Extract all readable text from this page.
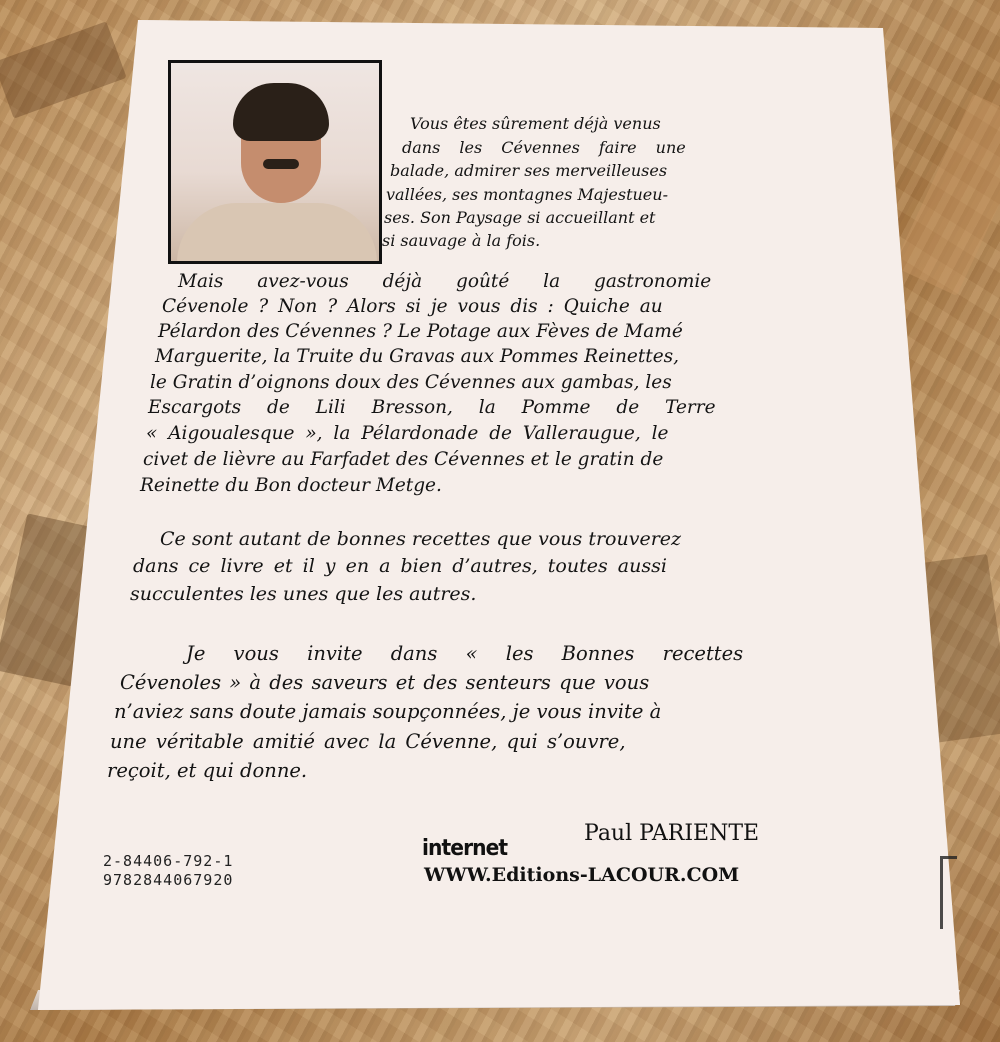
Vous êtes sûrement déjà venus
dans les Cévennes faire une
balade, admirer ses merveilleuses
vallées, ses montagnes Majestueu-
ses. Son Paysage si accueillant et
si sauvage à la fois.
Mais avez-vous déjà goûté la gastronomie
Cévenole ? Non ? Alors si je vous dis : Quiche au
Pélardon des Cévennes ? Le Potage aux Fèves de Mamé
Marguerite, la Truite du Gravas aux Pommes Reinettes,
le Gratin d’oignons doux des Cévennes aux gambas, les
Escargots de Lili Bresson, la Pomme de Terre
« Aigoualesque », la Pélardonade de Valleraugue, le
civet de lièvre au Farfadet des Cévennes et le gratin de
Reinette du Bon docteur Metge.
Ce sont autant de bonnes recettes que vous trouverez
dans ce livre et il y en a bien d’autres, toutes aussi
succulentes les unes que les autres.
Je vous invite dans « les Bonnes recettes
Cévenoles » à des saveurs et des senteurs que vous
n’aviez sans doute jamais soupçonnées, je vous invite à
une véritable amitié avec la Cévenne, qui s’ouvre,
reçoit, et qui donne.
Paul PARIENTE
internet
WWW.Editions-LACOUR.COM
2-84406-792-1
9782844067920
